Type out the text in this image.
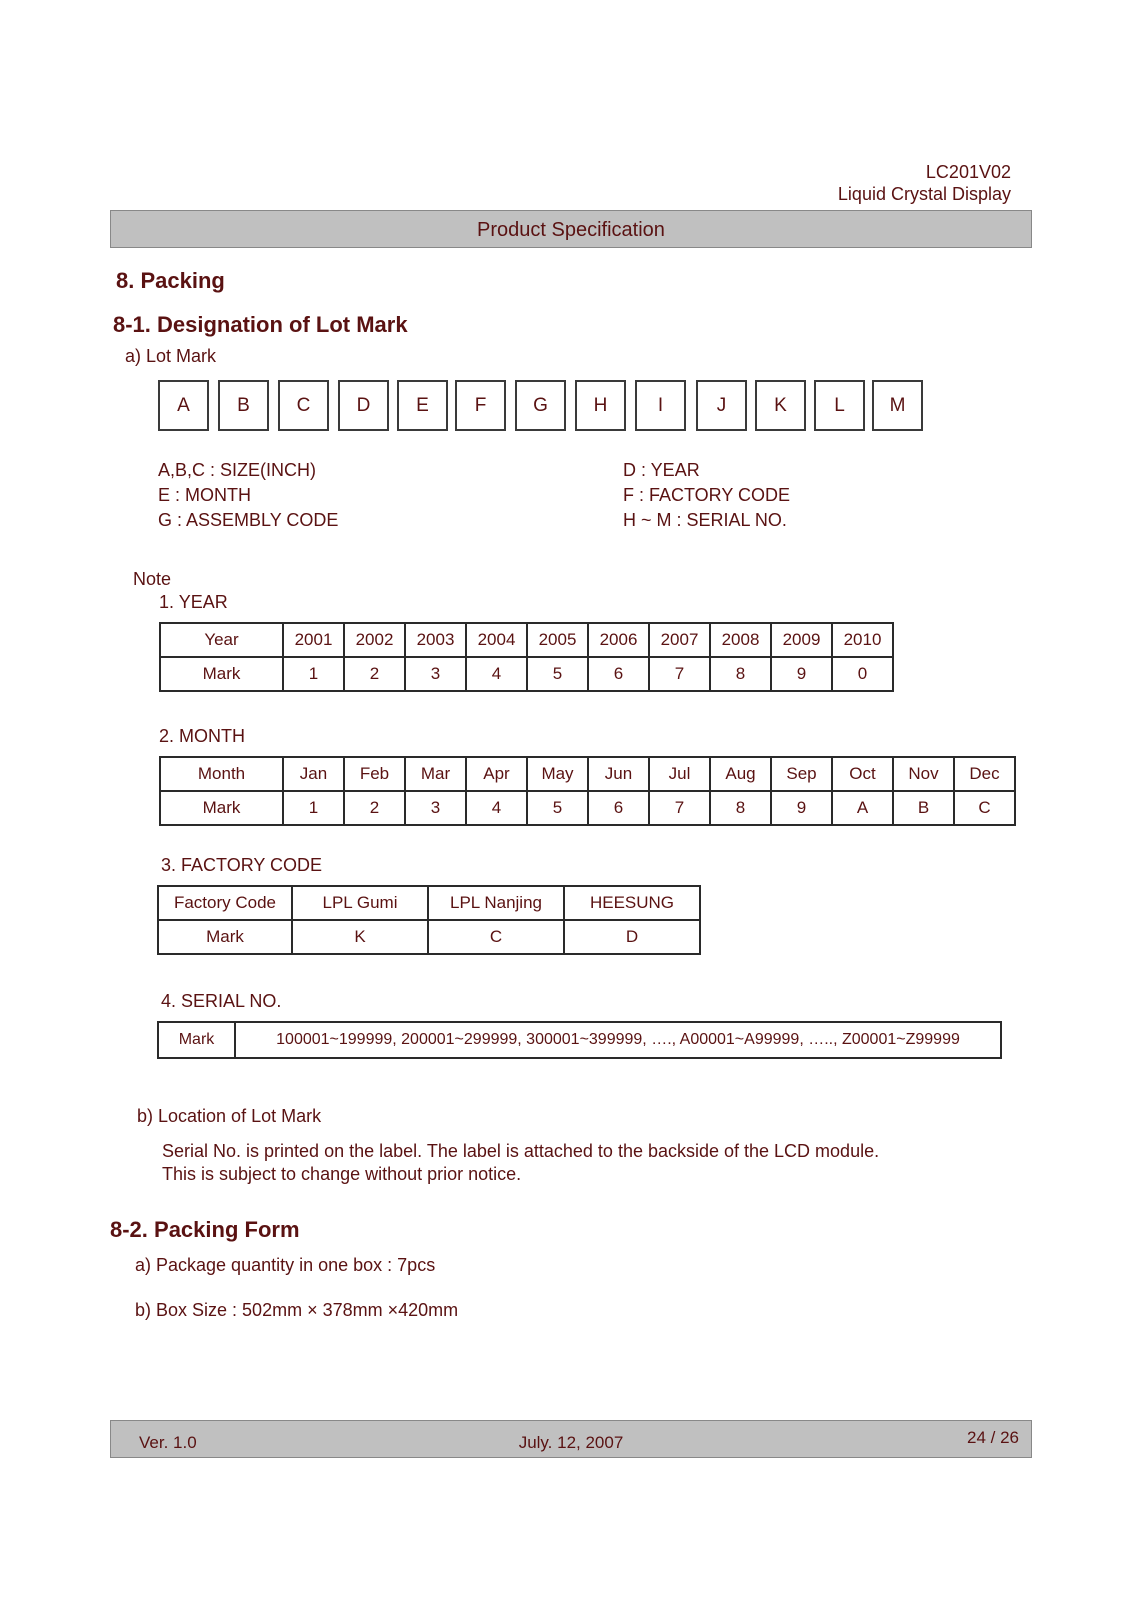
LC201V02
Liquid Crystal Display
Product Specification
8. Packing
8-1. Designation of Lot Mark
a) Lot Mark
A	B	C	D	E	F	G	H	I	J	K	L	M
A,B,C : SIZE(INCH)
E : MONTH
G : ASSEMBLY CODE
D : YEAR
F : FACTORY CODE
H ~ M : SERIAL NO.
Note
1. YEAR
Year	2001	2002	2003	2004	2005	2006	2007	2008	2009	2010
Mark	1	2	3	4	5	6	7	8	9	0
2. MONTH
Month	Jan	Feb	Mar	Apr	May	Jun	Jul	Aug	Sep	Oct	Nov	Dec
Mark	1	2	3	4	5	6	7	8	9	A	B	C
3. FACTORY CODE
Factory Code	LPL Gumi	LPL Nanjing	HEESUNG
Mark	K	C	D
4. SERIAL NO.
Mark	100001~199999, 200001~299999, 300001~399999, …., A00001~A99999, ….., Z00001~Z99999
b) Location of Lot Mark
Serial No. is printed on the label. The label is attached to the backside of the LCD module.
This is subject to change without prior notice.
8-2. Packing Form
a) Package quantity in one box : 7pcs
b) Box Size : 502mm × 378mm ×420mm
Ver. 1.0	July. 12, 2007	24 / 26
